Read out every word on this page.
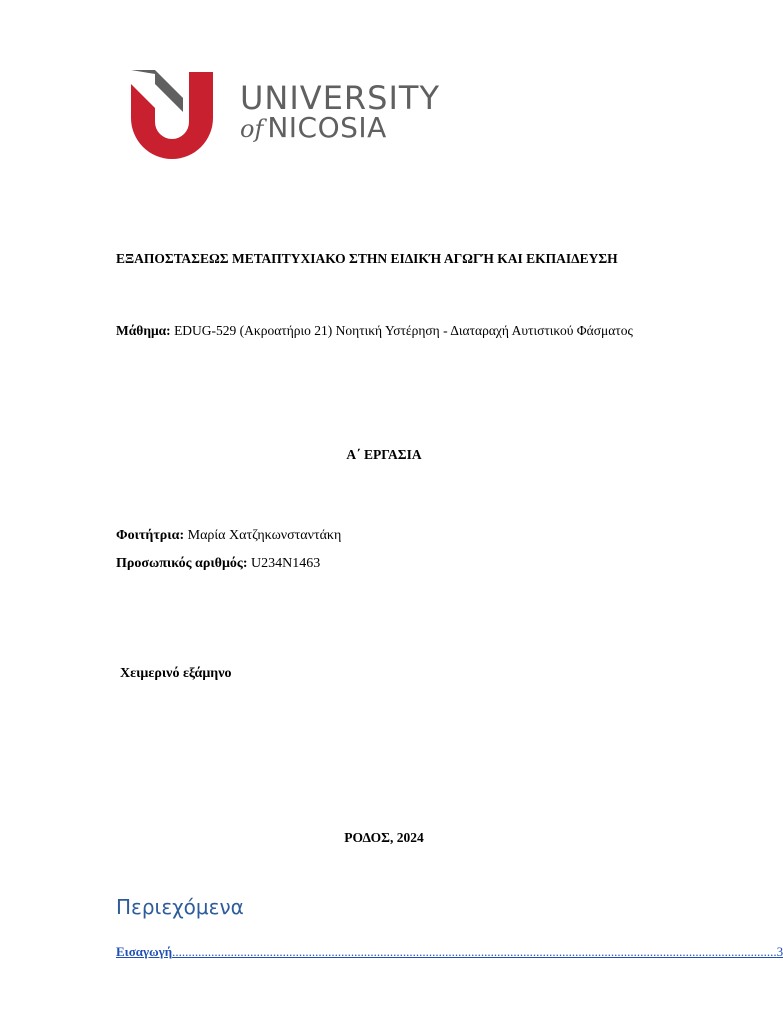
UNIVERSITY
of NICOSIA
ΕΞΑΠΟΣΤΑΣΕΩΣ ΜΕΤΑΠΤΥΧΙΑΚΟ ΣΤΗΝ ΕΙΔΙΚΉ ΑΓΩΓΉ ΚΑΙ ΕΚΠΑΙΔΕΥΣΗ
Μάθημα: EDUG-529 (Ακροατήριο 21) Νοητική Υστέρηση - Διαταραχή Αυτιστικού Φάσματος
Α΄ ΕΡΓΑΣΙΑ
Φοιτήτρια: Μαρία Χατζηκωνσταντάκη
Προσωπικός αριθμός: U234N1463
Χειμερινό εξάμηνο
ΡΟΔΟΣ, 2024
Περιεχόμενα
Εισαγωγή .......................................................................................................................................................................................... 3
